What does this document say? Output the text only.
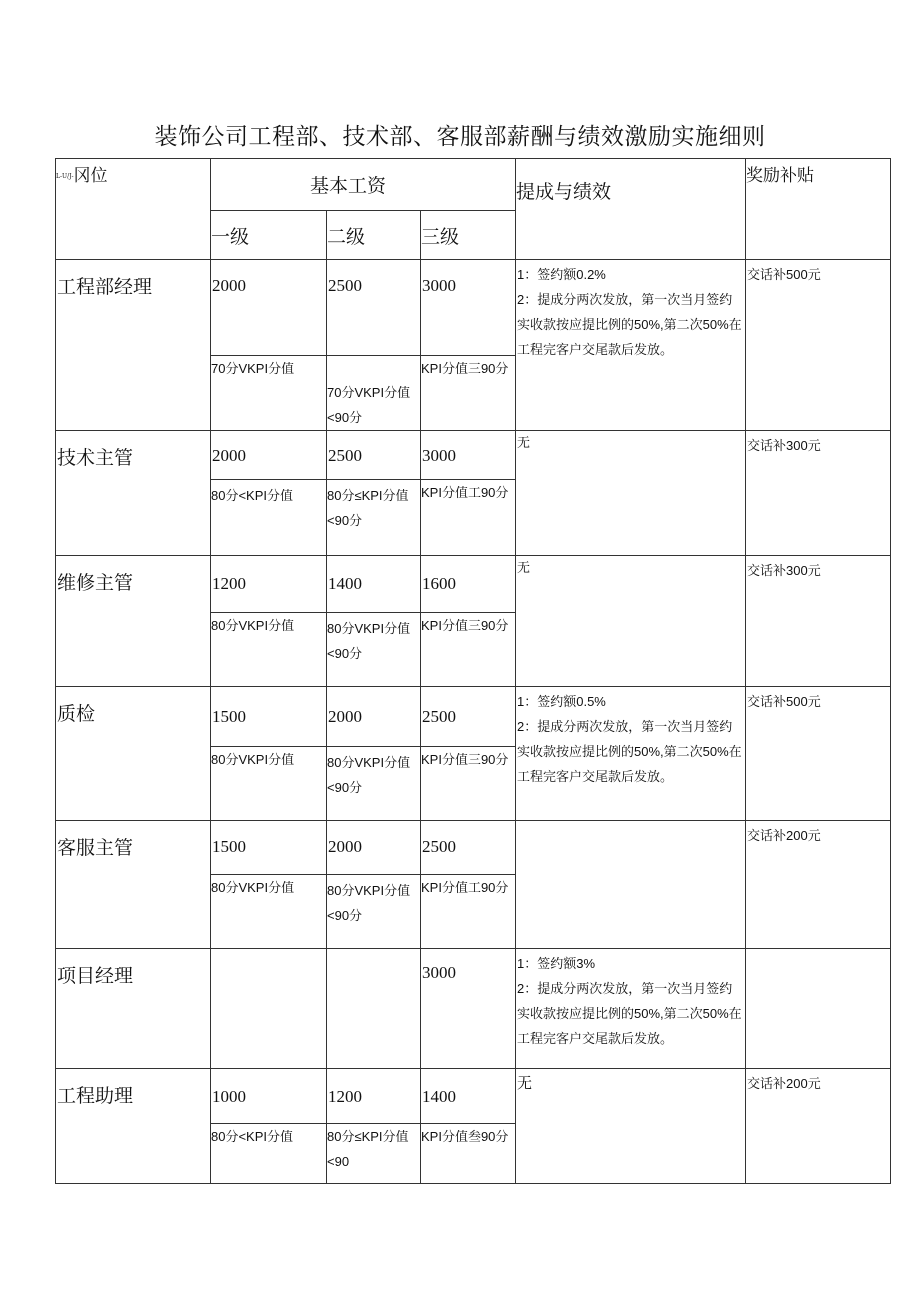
装饰公司工程部、技术部、客服部薪酬与绩效激励实施细则
L-U/J-冈位	基本工资			提成与绩效	奖励补贴
	一级	二级	三级		
工程部经理	2000	2500	3000	1：签约额0.2%
2：提成分两次发放，第一次当月签约实收款按应提比例的50%,第二次50%在工程完客户交尾款后发放。	交话补500元
	70分VKPI分值	70分VKPI分值<90分	KPI分值三90分		
技术主管	2000	2500	3000	无	交话补300元
	80分<KPI分值	80分≤KPI分值<90分	KPI分值工90分		
维修主管	1200	1400	1600	无	交话补300元
	80分VKPI分值	80分VKPI分值<90分	KPI分值三90分		
质检	1500	2000	2500	1：签约额0.5%
2：提成分两次发放，第一次当月签约实收款按应提比例的50%,第二次50%在工程完客户交尾款后发放。	交话补500元
	80分VKPI分值	80分VKPI分值<90分	KPI分值三90分		
客服主管	1500	2000	2500		交话补200元
	80分VKPI分值	80分VKPI分值<90分	KPI分值工90分		
项目经理			3000	1：签约额3%
2：提成分两次发放，第一次当月签约实收款按应提比例的50%,第二次50%在工程完客户交尾款后发放。	

工程助理	1000	1200	1400	无	交话补200元
	80分<KPI分值	80分≤KPI分值<90	KPI分值叁90分		
